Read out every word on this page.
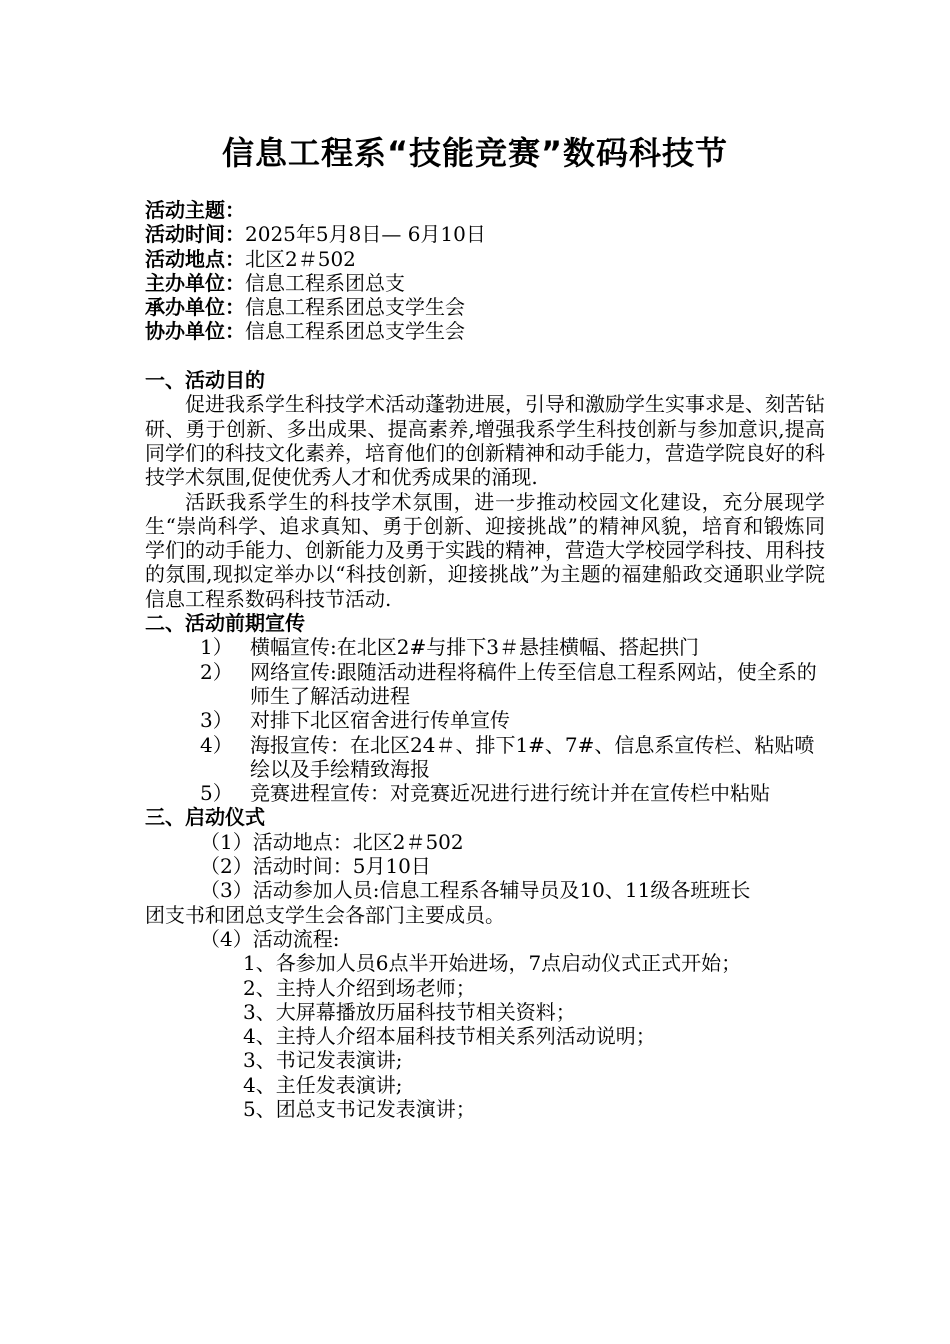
信息工程系“技能竞赛”数码科技节
活动主题：
活动时间：2025年5月8日— 6月10日
活动地点：北区2＃502
主办单位：信息工程系团总支
承办单位：信息工程系团总支学生会
协办单位：信息工程系团总支学生会
一、活动目的

促进我系学生科技学术活动蓬勃进展，引导和激励学生实事求是、刻苦钻研、勇于创新、多出成果、提高素养,增强我系学生科技创新与参加意识,提高同学们的科技文化素养，培育他们的创新精神和动手能力，营造学院良好的科技学术氛围,促使优秀人才和优秀成果的涌现.

活跃我系学生的科技学术氛围，进一步推动校园文化建设，充分展现学生“崇尚科学、追求真知、勇于创新、迎接挑战”的精神风貌，培育和锻炼同学们的动手能力、创新能力及勇于实践的精神，营造大学校园学科技、用科技的氛围,现拟定举办以“科技创新，迎接挑战”为主题的福建船政交通职业学院信息工程系数码科技节活动.

二、活动前期宣传
1） 横幅宣传:在北区2#与排下3＃悬挂横幅、搭起拱门
2） 网络宣传:跟随活动进程将稿件上传至信息工程系网站，使全系的师生了解活动进程
3） 对排下北区宿舍进行传单宣传
4） 海报宣传：在北区24＃、排下1#、7#、信息系宣传栏、粘贴喷绘以及手绘精致海报
5） 竞赛进程宣传：对竞赛近况进行进行统计并在宣传栏中粘贴
三、启动仪式
（1）活动地点：北区2＃502
（2）活动时间：5月10日
（3）活动参加人员:信息工程系各辅导员及10、11级各班班长
团支书和团总支学生会各部门主要成员。
（4）活动流程:
1、各参加人员6点半开始进场，7点启动仪式正式开始；
2、主持人介绍到场老师；
3、大屏幕播放历届科技节相关资料；
4、主持人介绍本届科技节相关系列活动说明；
3、书记发表演讲;
4、主任发表演讲;
5、团总支书记发表演讲；
